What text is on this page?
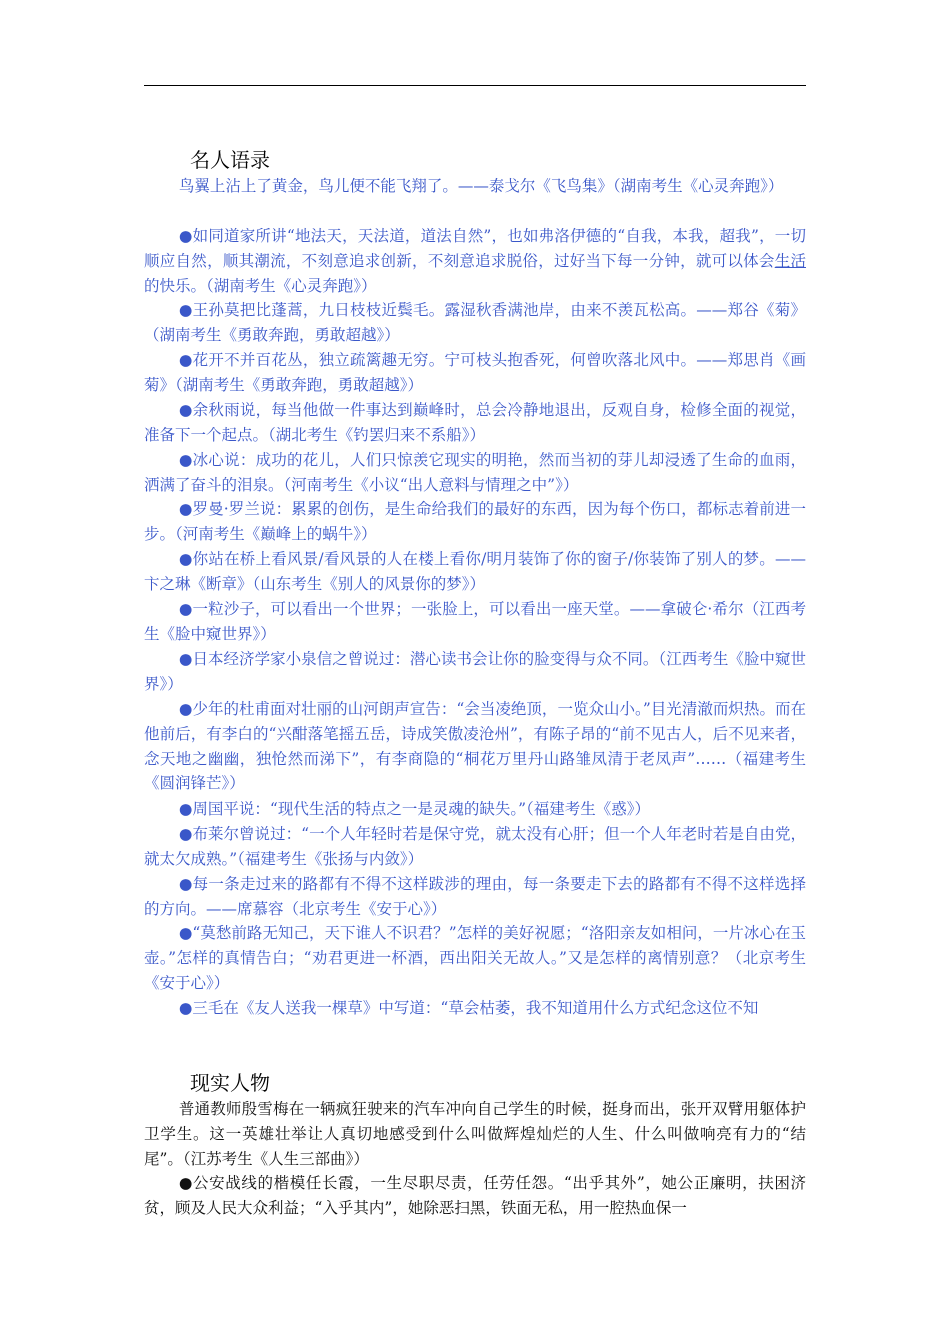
名人语录

鸟翼上沾上了黄金，鸟儿便不能飞翔了。——泰戈尔《飞鸟集》（湖南考生《心灵奔跑》）

●如同道家所讲“地法天，天法道，道法自然”，也如弗洛伊德的“自我，本我，超我”，一切顺应自然，顺其潮流，不刻意追求创新，不刻意追求脱俗，过好当下每一分钟，就可以体会生活的快乐。（湖南考生《心灵奔跑》）

●王孙莫把比蓬蒿，九日枝枝近鬓毛。露湿秋香满池岸，由来不羡瓦松高。——郑谷《菊》（湖南考生《勇敢奔跑，勇敢超越》）

●花开不并百花丛，独立疏篱趣无穷。宁可枝头抱香死，何曾吹落北风中。——郑思肖《画菊》（湖南考生《勇敢奔跑，勇敢超越》）

●余秋雨说，每当他做一件事达到巅峰时，总会冷静地退出，反观自身，检修全面的视觉，准备下一个起点。（湖北考生《钓罢归来不系船》）

●冰心说：成功的花儿，人们只惊羡它现实的明艳，然而当初的芽儿却浸透了生命的血雨，洒满了奋斗的泪泉。（河南考生《小议“出人意料与情理之中”》）

●罗曼·罗兰说：累累的创伤，是生命给我们的最好的东西，因为每个伤口，都标志着前进一步。（河南考生《巅峰上的蜗牛》）

●你站在桥上看风景/看风景的人在楼上看你/明月装饰了你的窗子/你装饰了别人的梦。——卞之琳《断章》（山东考生《别人的风景你的梦》）

●一粒沙子，可以看出一个世界；一张脸上，可以看出一座天堂。——拿破仑·希尔（江西考生《脸中窥世界》）

●日本经济学家小泉信之曾说过：潜心读书会让你的脸变得与众不同。（江西考生《脸中窥世界》）

●少年的杜甫面对壮丽的山河朗声宣告：“会当凌绝顶，一览众山小。”目光清澈而炽热。而在他前后，有李白的“兴酣落笔摇五岳，诗成笑傲凌沧州”，有陈子昂的“前不见古人，后不见来者，念天地之幽幽，独怆然而涕下”，有李商隐的“桐花万里丹山路雏凤清于老凤声”……（福建考生《圆润锋芒》）

●周国平说：“现代生活的特点之一是灵魂的缺失。”（福建考生《惑》）

●布莱尔曾说过：“一个人年轻时若是保守党，就太没有心肝；但一个人年老时若是自由党，就太欠成熟。”（福建考生《张扬与内敛》）

●每一条走过来的路都有不得不这样跋涉的理由，每一条要走下去的路都有不得不这样选择的方向。——席慕容（北京考生《安于心》）

●“莫愁前路无知己，天下谁人不识君？”怎样的美好祝愿；“洛阳亲友如相问，一片冰心在玉壶。”怎样的真情告白；“劝君更进一杯酒，西出阳关无故人。”又是怎样的离情别意？（北京考生《安于心》）

●三毛在《友人送我一棵草》中写道：“草会枯萎，我不知道用什么方式纪念这位不知

现实人物

普通教师殷雪梅在一辆疯狂驶来的汽车冲向自己学生的时候，挺身而出，张开双臂用躯体护卫学生。这一英雄壮举让人真切地感受到什么叫做辉煌灿烂的人生、什么叫做响亮有力的“结尾”。（江苏考生《人生三部曲》）

●公安战线的楷模任长霞，一生尽职尽责，任劳任怨。“出乎其外”，她公正廉明，扶困济贫，顾及人民大众利益；“入乎其内”，她除恶扫黑，铁面无私，用一腔热血保一
